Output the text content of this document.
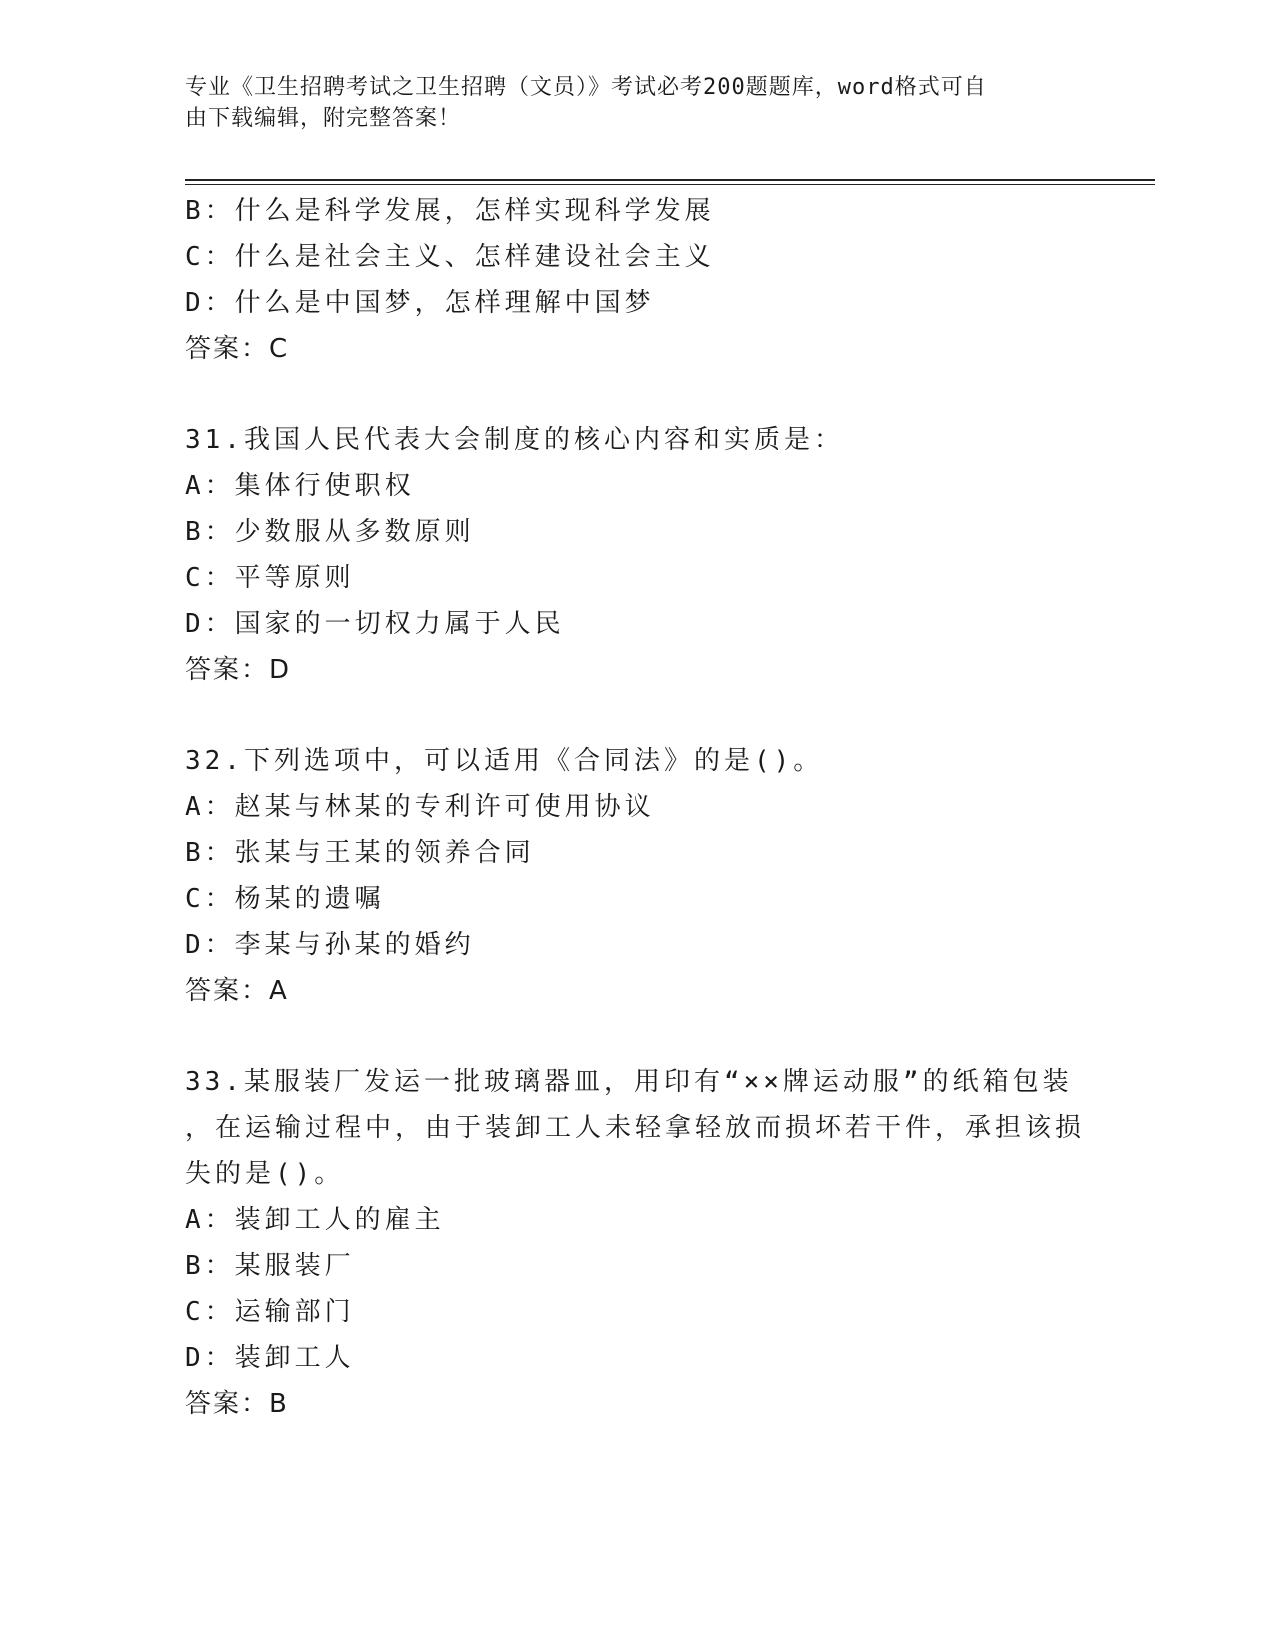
专业《卫生招聘考试之卫生招聘（文员）》考试必考200题题库，word格式可自
由下载编辑，附完整答案！
B：什么是科学发展，怎样实现科学发展
C：什么是社会主义、怎样建设社会主义
D：什么是中国梦，怎样理解中国梦
答案：C
31.我国人民代表大会制度的核心内容和实质是：
A：集体行使职权
B：少数服从多数原则
C：平等原则
D：国家的一切权力属于人民
答案：D
32.下列选项中，可以适用《合同法》的是()。
A：赵某与林某的专利许可使用协议
B：张某与王某的领养合同
C：杨某的遗嘱
D：李某与孙某的婚约
答案：A
33.某服装厂发运一批玻璃器皿，用印有“××牌运动服”的纸箱包装
，在运输过程中，由于装卸工人未轻拿轻放而损坏若干件，承担该损
失的是()。
A：装卸工人的雇主
B：某服装厂
C：运输部门
D：装卸工人
答案：B
